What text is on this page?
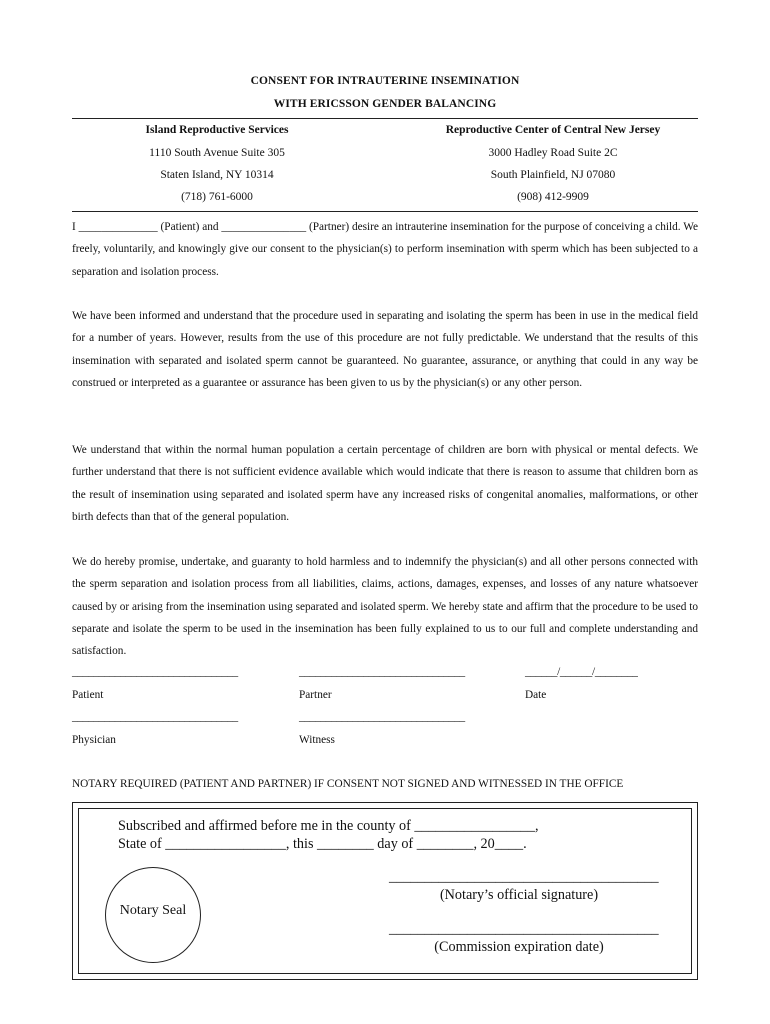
CONSENT FOR INTRAUTERINE INSEMINATION
WITH ERICSSON GENDER BALANCING
Island Reproductive Services
1110 South Avenue Suite 305
Staten Island, NY 10314
(718) 761-6000
Reproductive Center of Central New Jersey
3000 Hadley Road Suite 2C
South Plainfield, NJ 07080
(908) 412-9909

I ______________ (Patient) and _______________ (Partner) desire an intrauterine insemination for the purpose of conceiving a child. We freely, voluntarily, and knowingly give our consent to the physician(s) to perform insemination with sperm which has been subjected to a separation and isolation process.

We have been informed and understand that the procedure used in separating and isolating the sperm has been in use in the medical field for a number of years. However, results from the use of this procedure are not fully predictable. We understand that the results of this insemination with separated and isolated sperm cannot be guaranteed. No guarantee, assurance, or anything that could in any way be construed or interpreted as a guarantee or assurance has been given to us by the physician(s) or any other person.

We understand that within the normal human population a certain percentage of children are born with physical or mental defects. We further understand that there is not sufficient evidence available which would indicate that there is reason to assume that children born as the result of insemination using separated and isolated sperm have any increased risks of congenital anomalies, malformations, or other birth defects than that of the general population.

We do hereby promise, undertake, and guaranty to hold harmless and to indemnify the physician(s) and all other persons connected with the sperm separation and isolation process from all liabilities, claims, actions, damages, expenses, and losses of any nature whatsoever caused by or arising from the insemination using separated and isolated sperm. We hereby state and affirm that the procedure to be used to separate and isolate the sperm to be used in the insemination has been fully explained to us to our full and complete understanding and satisfaction.

_______________________________	_______________________________	______/______/________
Patient	Partner	Date
_______________________________	_______________________________
Physician	Witness
NOTARY REQUIRED (PATIENT AND PARTNER) IF CONSENT NOT SIGNED AND WITNESSED IN THE OFFICE
Subscribed and affirmed before me in the county of _________________,
State of _________________, this ________ day of ________, 20____.
______________________________________
(Notary’s official signature)
______________________________________
(Commission expiration date)
Notary Seal
